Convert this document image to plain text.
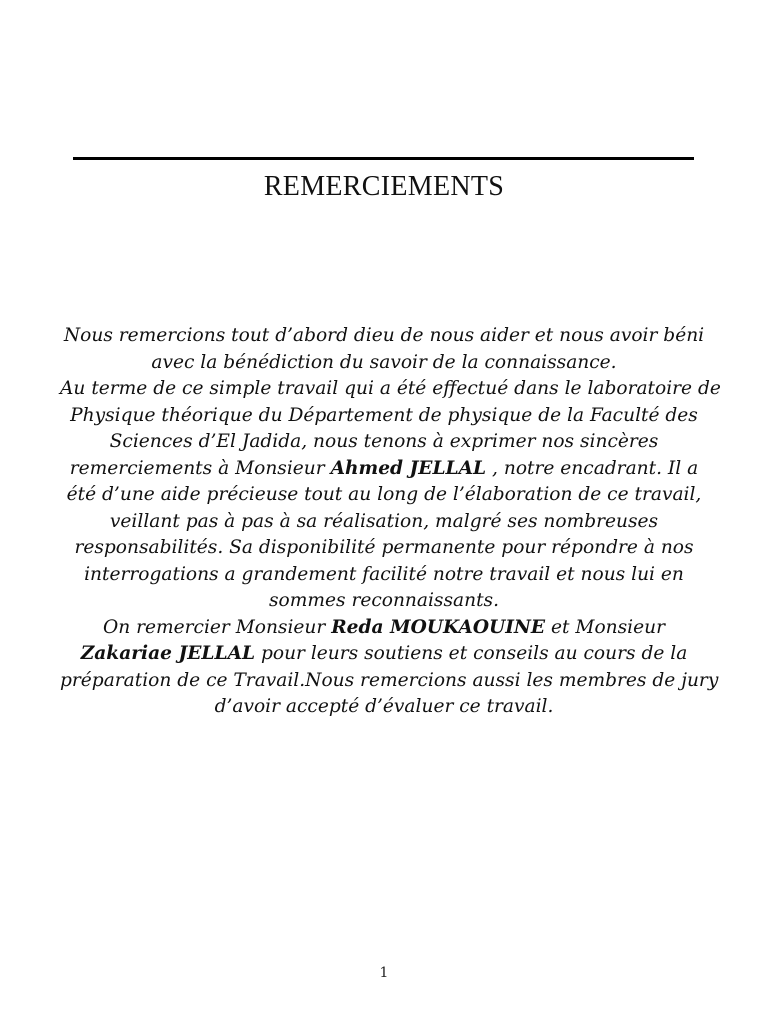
REMERCIEMENTS
Nous remercions tout d’abord dieu de nous aider et nous avoir béni
avec la bénédiction du savoir de la connaissance.
Au terme de ce simple travail qui a été effectué dans le laboratoire de
Physique théorique du Département de physique de la Faculté des
Sciences d’El Jadida, nous tenons à exprimer nos sincères
remerciements à Monsieur Ahmed JELLAL , notre encadrant. Il a
été d’une aide précieuse tout au long de l’élaboration de ce travail,
veillant pas à pas à sa réalisation, malgré ses nombreuses
responsabilités. Sa disponibilité permanente pour répondre à nos
interrogations a grandement facilité notre travail et nous lui en
sommes reconnaissants.
On remercier Monsieur Reda MOUKAOUINE et Monsieur
Zakariae JELLAL pour leurs soutiens et conseils au cours de la
préparation de ce Travail.Nous remercions aussi les membres de jury
d’avoir accepté d’évaluer ce travail.
1
